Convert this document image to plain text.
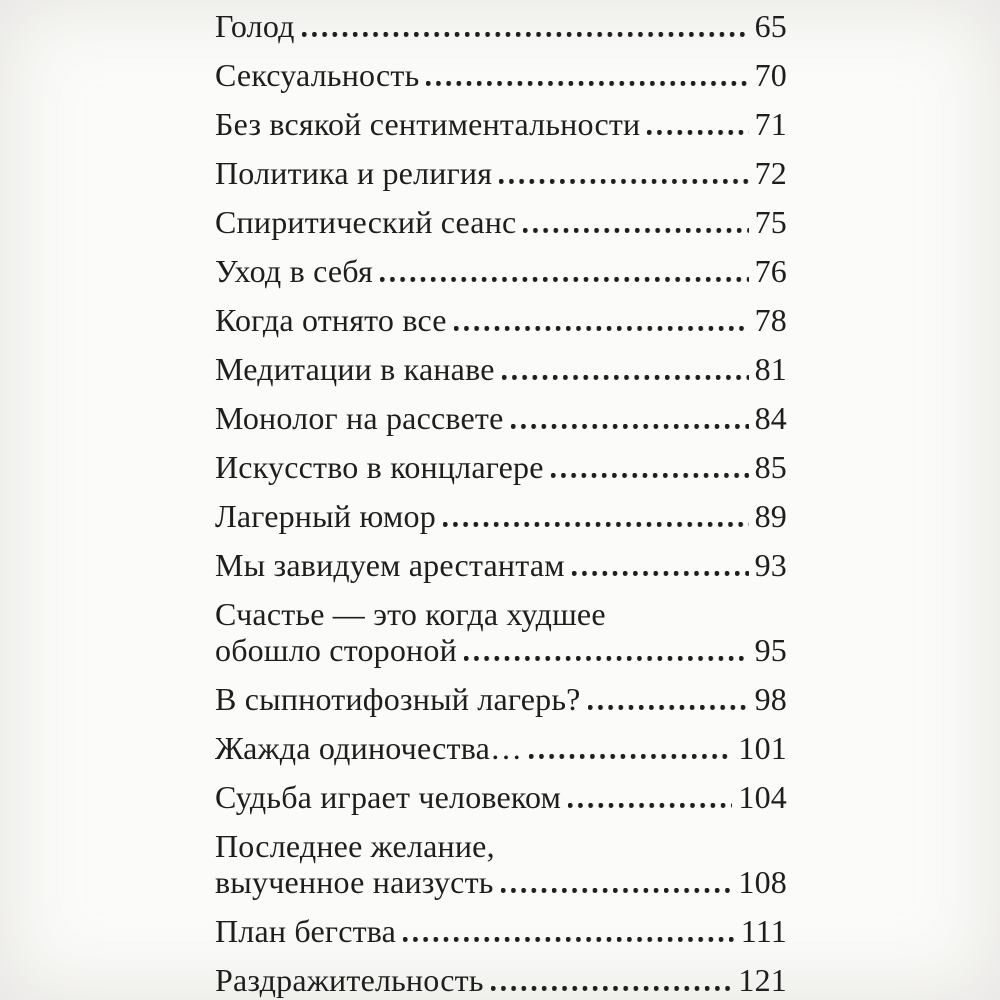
Голод	65
Сексуальность	70
Без всякой сентиментальности	71
Политика и религия	72
Спиритический сеанс	75
Уход в себя	76
Когда отнято все	78
Медитации в канаве	81
Монолог на рассвете	84
Искусство в концлагере	85
Лагерный юмор	89
Мы завидуем арестантам	93
Счастье — это когда худшее
обошло стороной	95
В сыпнотифозный лагерь?	98
Жажда одиночества…	101
Судьба играет человеком	104
Последнее желание,
выученное наизусть	108
План бегства	111
Раздражительность	121
